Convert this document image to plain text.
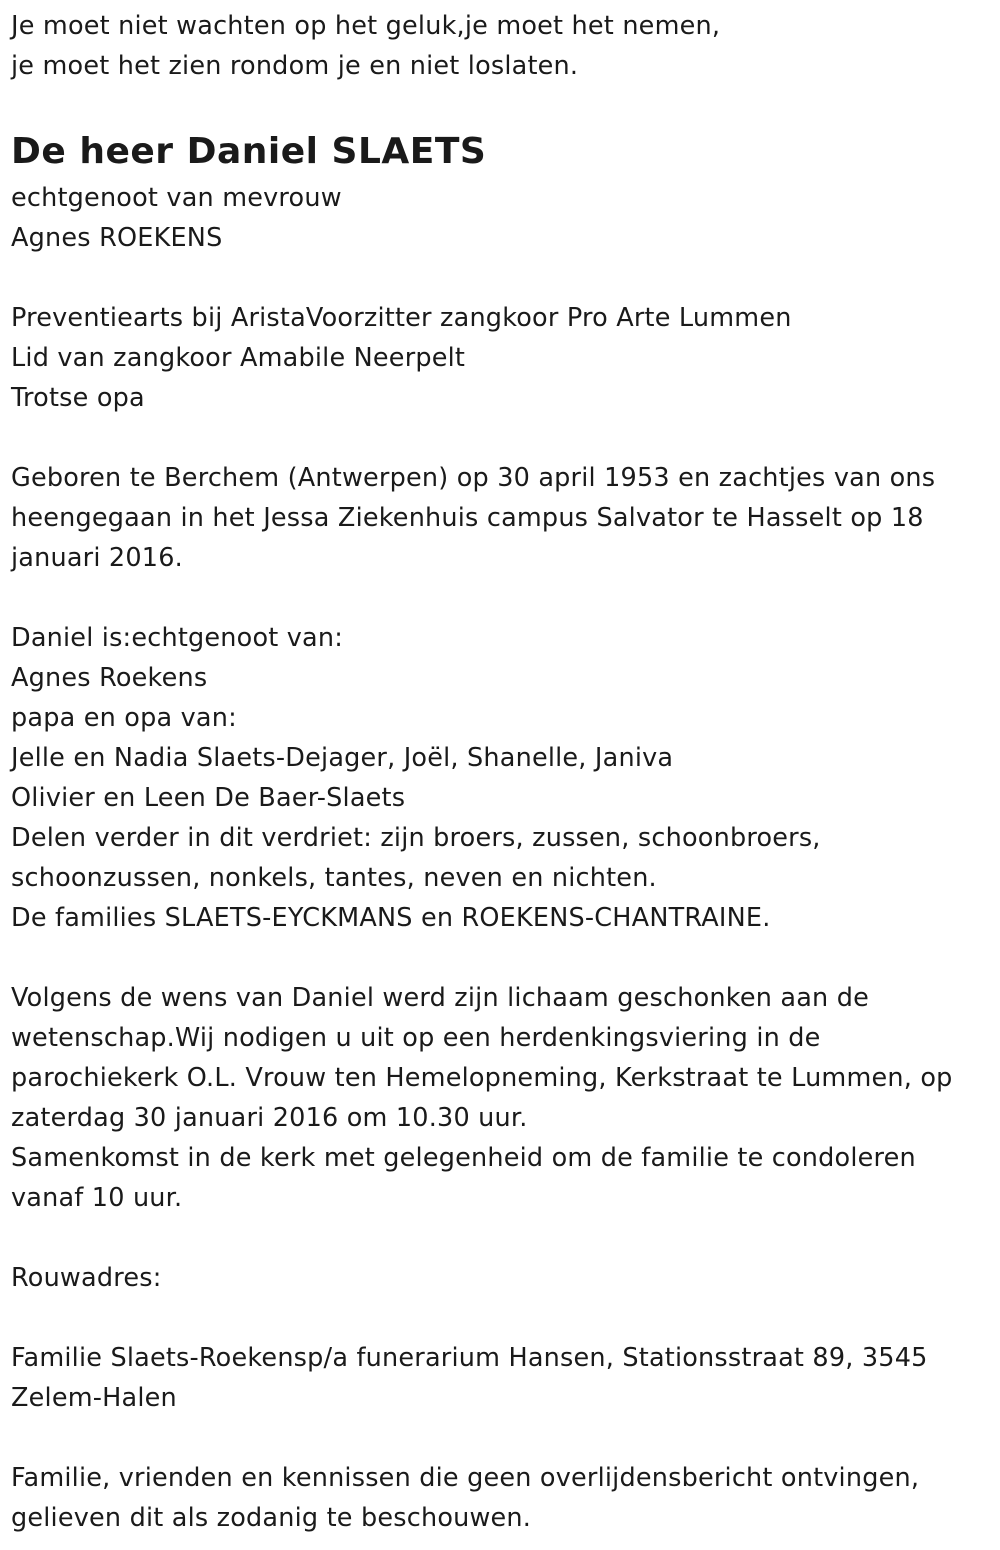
Je moet niet wachten op het geluk,je moet het nemen,
je moet het zien rondom je en niet loslaten.
De heer Daniel SLAETS
echtgenoot van mevrouw
Agnes ROEKENS
Preventiearts bij AristaVoorzitter zangkoor Pro Arte Lummen
Lid van zangkoor Amabile Neerpelt
Trotse opa
Geboren te Berchem (Antwerpen) op 30 april 1953 en zachtjes van ons
heengegaan in het Jessa Ziekenhuis campus Salvator te Hasselt op 18
januari 2016.
Daniel is:echtgenoot van:
Agnes Roekens
papa en opa van:
Jelle en Nadia Slaets-Dejager, Joël, Shanelle, Janiva
Olivier en Leen De Baer-Slaets
Delen verder in dit verdriet: zijn broers, zussen, schoonbroers,
schoonzussen, nonkels, tantes, neven en nichten.
De families SLAETS-EYCKMANS en ROEKENS-CHANTRAINE.
Volgens de wens van Daniel werd zijn lichaam geschonken aan de
wetenschap.Wij nodigen u uit op een herdenkingsviering in de
parochiekerk O.L. Vrouw ten Hemelopneming, Kerkstraat te Lummen, op
zaterdag 30 januari 2016 om 10.30 uur.
Samenkomst in de kerk met gelegenheid om de familie te condoleren
vanaf 10 uur.
Rouwadres:
Familie Slaets-Roekensp/a funerarium Hansen, Stationsstraat 89, 3545
Zelem-Halen
Familie, vrienden en kennissen die geen overlijdensbericht ontvingen,
gelieven dit als zodanig te beschouwen.
